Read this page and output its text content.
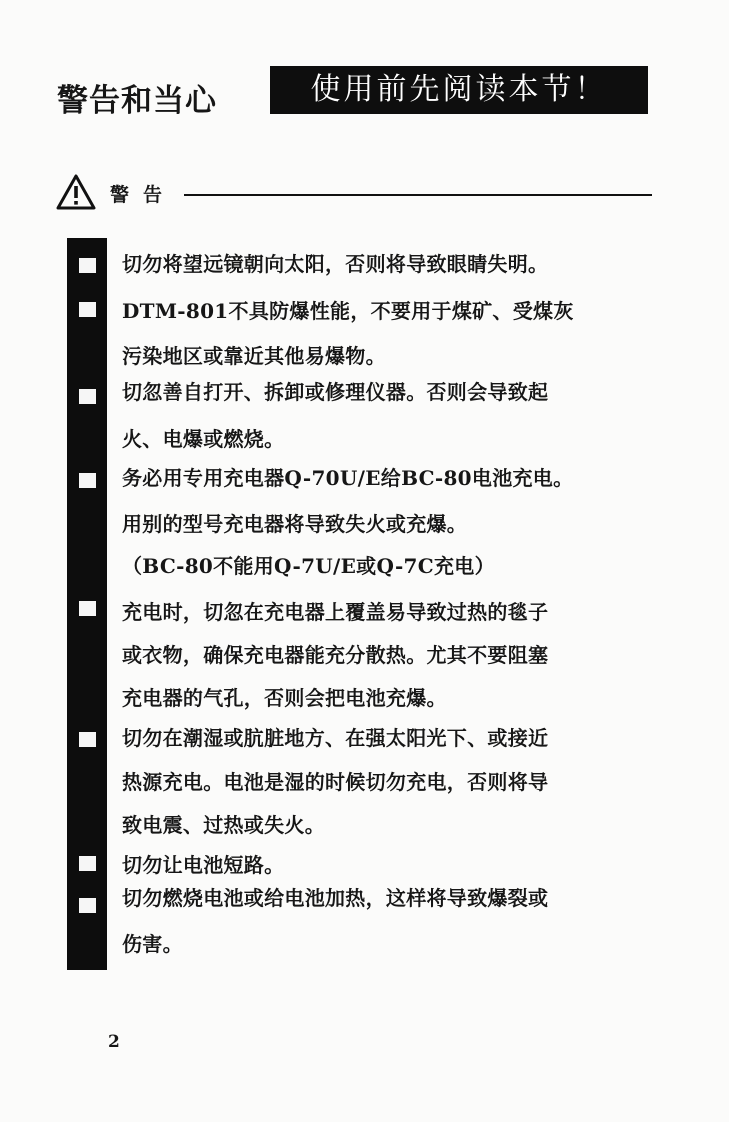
警告和当心	使用前先阅读本节！
警告
切勿将望远镜朝向太阳，否则将导致眼睛失明。
DTM-801不具防爆性能，不要用于煤矿、受煤灰
污染地区或靠近其他易爆物。
切忽善自打开、拆卸或修理仪器。否则会导致起
火、电爆或燃烧。
务必用专用充电器Q-70U/E给BC-80电池充电。
用别的型号充电器将导致失火或充爆。
（BC-80不能用Q-7U/E或Q-7C充电）
充电时，切忽在充电器上覆盖易导致过热的毯子
或衣物，确保充电器能充分散热。尤其不要阻塞
充电器的气孔，否则会把电池充爆。
切勿在潮湿或肮脏地方、在强太阳光下、或接近
热源充电。电池是湿的时候切勿充电，否则将导
致电震、过热或失火。
切勿让电池短路。
切勿燃烧电池或给电池加热，这样将导致爆裂或
伤害。
2
